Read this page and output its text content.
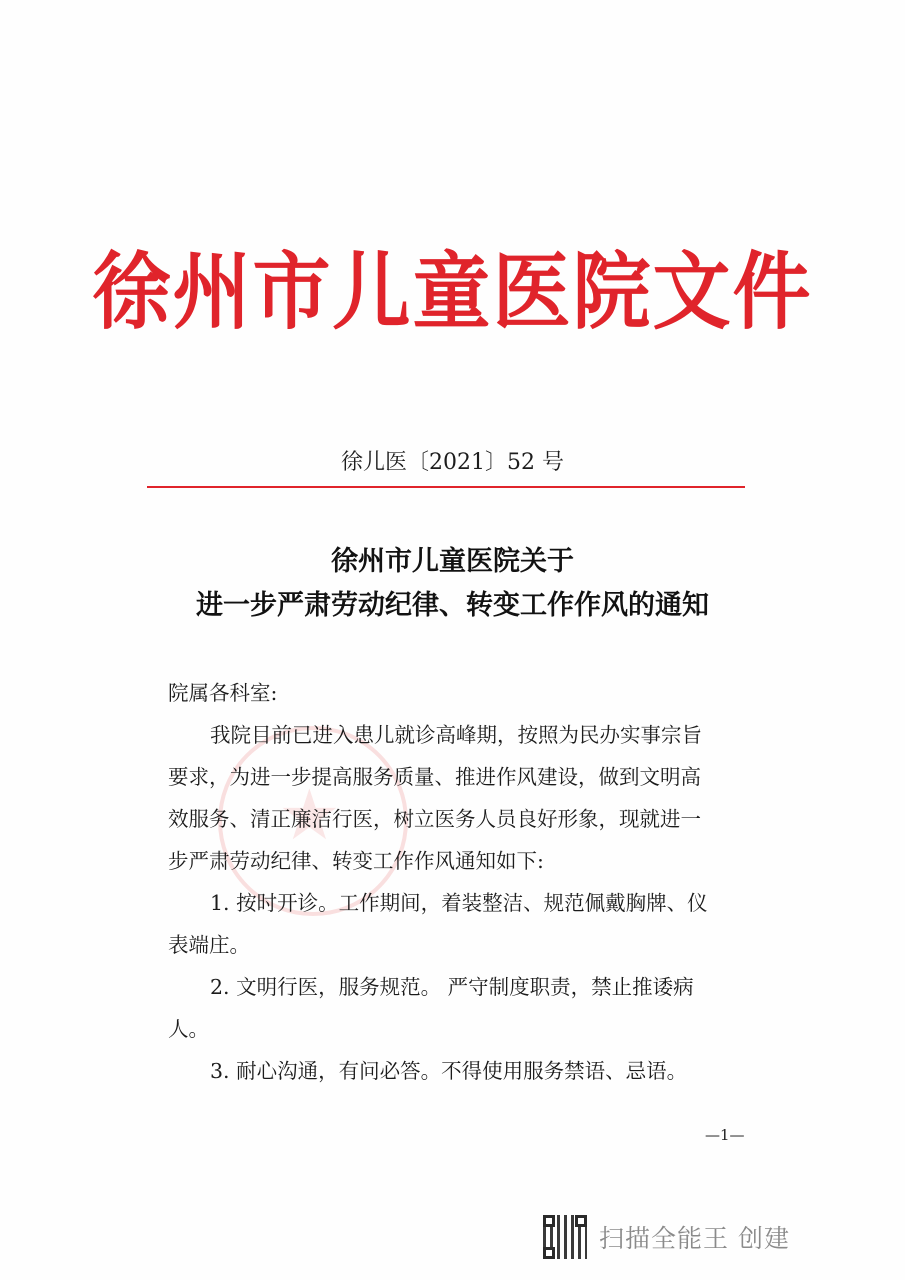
徐州市儿童医院文件
徐儿医〔2021〕52 号
徐州市儿童医院关于
进一步严肃劳动纪律、转变工作作风的通知
★
院属各科室:
我院目前已进入患儿就诊高峰期，按照为民办实事宗旨
要求，为进一步提高服务质量、推进作风建设，做到文明高
效服务、清正廉洁行医，树立医务人员良好形象，现就进一
步严肃劳动纪律、转变工作作风通知如下:
1. 按时开诊。工作期间，着装整洁、规范佩戴胸牌、仪
表端庄。
2. 文明行医，服务规范。 严守制度职责，禁止推诿病
人。
3. 耐心沟通，有问必答。不得使用服务禁语、忌语。
—1—
扫描全能王 创建
